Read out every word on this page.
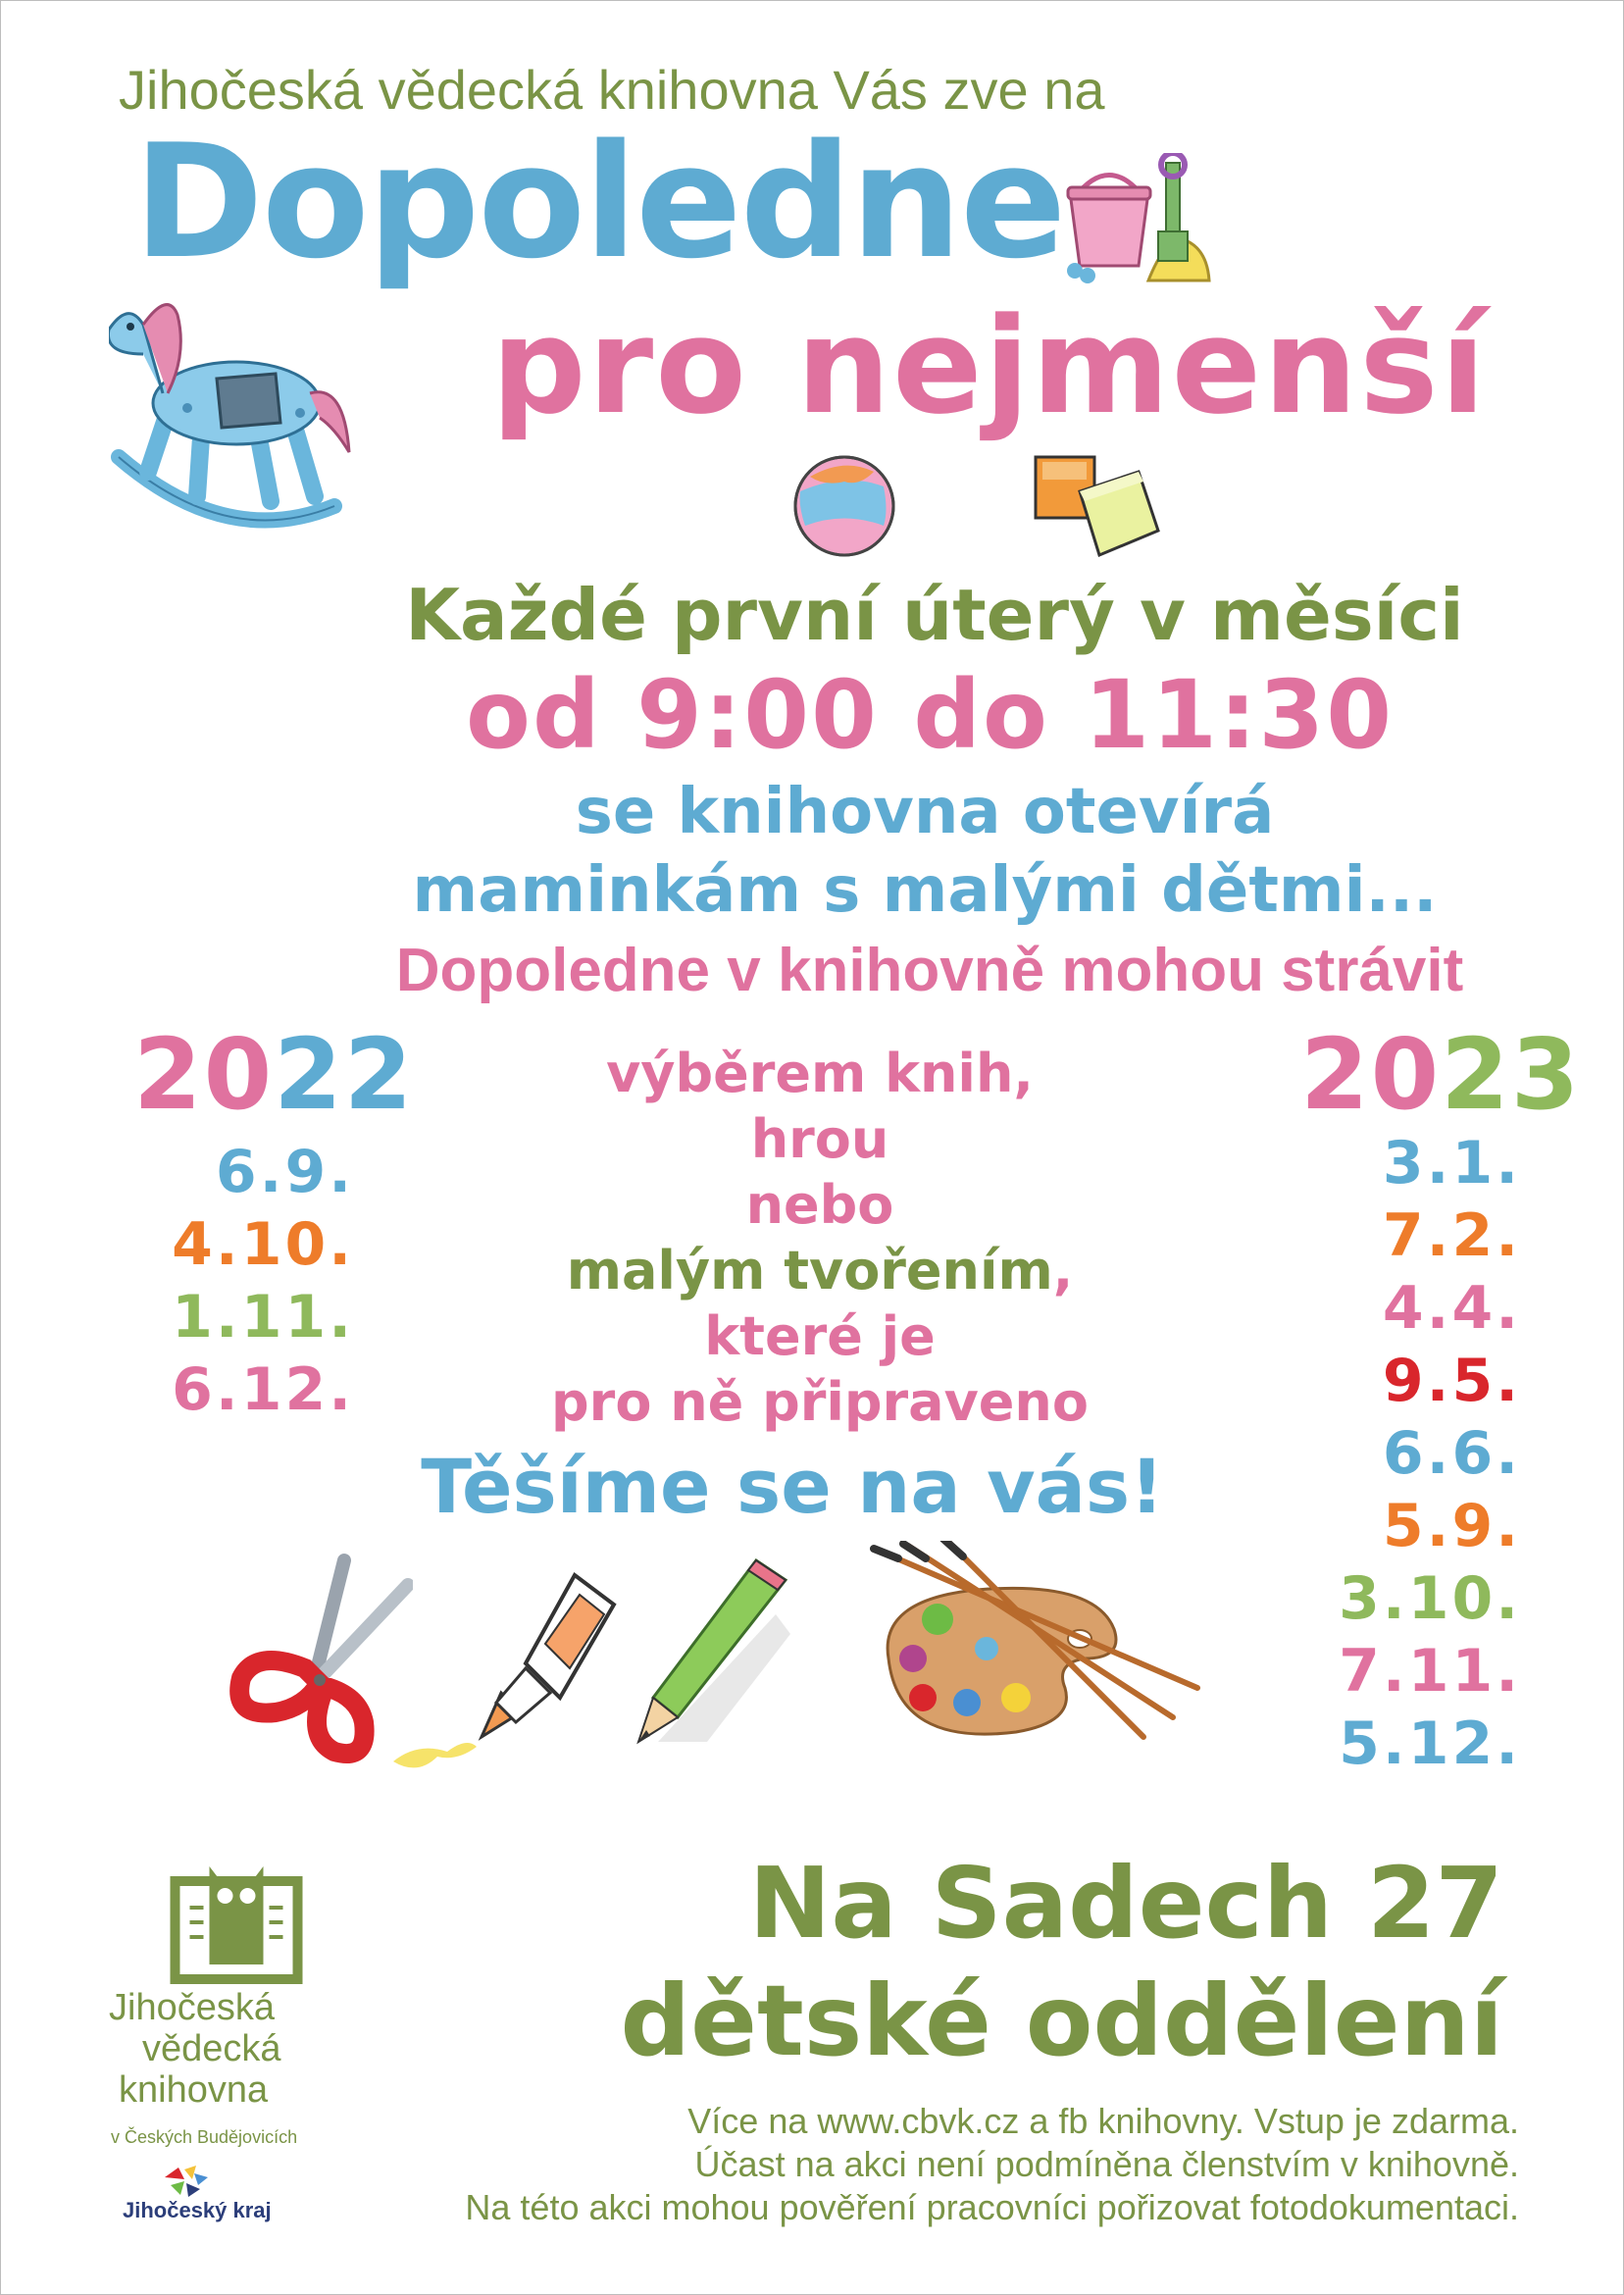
Jihočeská vědecká knihovna Vás zve na
Dopoledne
pro nejmenší
Každé první úterý v měsíci
od 9:00 do 11:30
se knihovna otevírá
maminkám s malými dětmi...
Dopoledne v knihovně mohou strávit
2022
6.9.
4.10.
1.11.
6.12.
2023
3.1.
7.2.
4.4.
9.5.
6.6.
5.9.
3.10.
7.11.
5.12.
výběrem knih, hrou
nebo
malým tvořením,
které je
pro ně připraveno
Těšíme se na vás!
Na Sadech 27
dětské oddělení
Více na www.cbvk.cz a fb knihovny. Vstup je zdarma.
Účast na akci není podmíněna členstvím v knihovně.
Na této akci mohou pověření pracovníci pořizovat fotodokumentaci.
Jihočeská
vědecká
knihovna
v Českých Budějovicích
Jihočeský kraj
